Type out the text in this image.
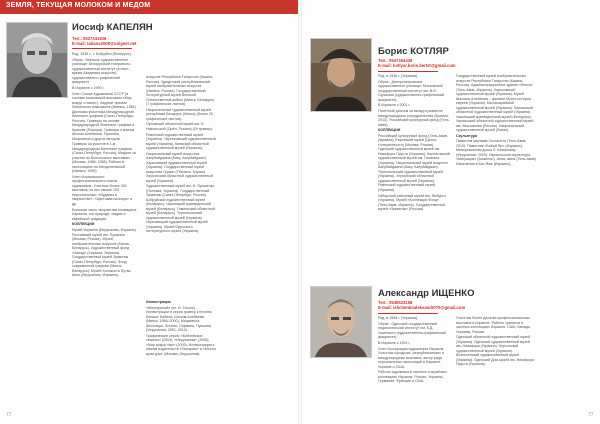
ЗЕМЛЯ, ТЕКУЩАЯ МОЛОКОМ И МЕДОМ
Иосиф КАПЕЛЯН
Тел.: 0527341926
E-mail: tatiana2008@unigest.net

Род. 1936 г., г. Бобруйск (Беларусь).

Образ.: Минское художественное училище; Белорусский театрально-художественный институт (в насл. время Академия искусств), художественно-графический факультет.

В Израиле с 1990 г.

Член Союза художников СССР (в составе московской выставки «Мир вокруг и сами»). Лауреат премии Ленинского комсомола (Ижевск, 1981). Дипломы участника Международной биеннале графики (Санкт-Петербург, Россия). Гравюры на основе Международной биеннале графики в Кракове (Польша). Гравюры к книгам Шолом-Алейхема, Пушкина, Мицкевича и других авторов.

Гравюры за участие в 1-м Международном Биеннале графики (Санкт-Петербург, Россия), Медали за участие во Всесоюзных выставках (Москва, 1986; 1988). Работы в экспозициях на Менделеевской (Ижевск, 1990).

Член Израильского профессионального союза художников. Участник более 300 выставок, из них свыше 100 персональных: «Иудаика в творчестве», «Цветовая палитра» и др.

Большая часть творчества посвящена Израилю, его природе, людям и еврейской традиции.

КОЛЛЕКЦИИ

Музей Израиля (Иерусалим, Израиль). Российский музей им. Пушкина (Москва, Россия). Музей изобразительных искусств (Минск, Беларусь). Художественный фонд «Запад» (Харьков, Украина). Государственный музей Эрмитаж (Санкт-Петербург, Россия). Фонд современной графики (Минск, Беларусь). Музей Холокоста Яд ва-Шем (Иерусалим, Израиль).

искусств Республики Татарстан (Казань, Россия). Удмуртский республиканский музей изобразительных искусств (Ижевск, Россия). Государственный Литературный музей Великой Отечественной войны (Минск, Беларусь) (7 графических листов).

Национальный художественный музей республики Беларусь (Минск) (более 20 графических листов).

Орловский областной музей им. Н. Никольской (Орёл, Россия) (29 гравюр).

Ровенский художественный музей (Украина). Черниговский художественный музей (Украина). Киевский областной художественный музей (Украина).

Национальный музей искусства Азербайджана (Баку, Азербайджан). Харьковский художественный музей (Украина). Государственный музей искусства Грузии (Тбилиси, Грузия). Херсонский областной художественный музей (Украина).

Художественный музей им. Н. Ярошенко (Полтава, Украина). Государственный Эрмитаж (Санкт-Петербург, Россия). Бобруйский художественный музей (Беларусь). Чашницкий краеведческий музей (Беларусь). Гомельский областной музей (Беларусь). Тернопольский художественный музей (Украина). Черновицкий художественный музей (Украина). Музей Одесского литературного музея (Украина).

Иллюстрации

«Жемчужный» (кн. И. Гоголь). Иллюстрации и серии гравюр к песням Бялика, Бабеля, Шолом-Алейхема (Минск, 1988–2000), Мицкевича, Шекспира, Эсхила, Гофмана, Пушкина (Иерусалим, 2001–2010).

Графические серии: «Библейские сюжеты» (2003), «Иерусалим» (2005), «Мир вокруг нас» (2009). Иллюстрации к книгам издательств «Гешарим» и «Мосты культуры» (Москва, Иерусалим).

77
Борис КОТЛЯР
Тел.: 0547464449
E-mail: kotlyar.boris.bertst@gmail.com

Род. в 1936 г. (Украина).

Образ.: Днепропетровское художественное училище; Московский государственный институт им. В.И. Сурикова (художественно-графический факультет).

В Израиле с 2001 г.

Почётный диплом за вклад в развитие международного сотрудничества (Кремль, 2013). Российский культурный фонд (Тель-Авив).

КОЛЛЕКЦИИ

Российский культурный фонд (Тель-Авив, Израиль). Еврейский музей (Центр толерантности) (Москва, Россия). Одесский художественный музей им. Никифора Пруста (Украина). Черниговский художественный музей им. Галагана (Украина). Национальный музей искусств Азербайджана (Баку, Азербайджан). Тернопольский художественный музей (Украина). Херсонский областной художественный музей (Украина). Ровенский художественный музей (Украина).

Изборский районный музей им. Ямбурга (Украина). Музей «Коллекции Фонд» (Тель-Авив, Израиль). Государственный музей «Эрмитаж» (Россия).

Государственный музей изобразительных искусств Республики Татарстан (Казань, Россия). Администрационное здание «Кнеса» (Тель-Авив, Израиль). Харьковский художественный музей (Украина). Музей Шалома-Алейхема – филиал Музея истории евреев (Украина). Бахчисарайский художественный музей (Украина). Черкасский областной художественный музей (Украина). Чашницкий краеведческий музей (Беларусь). Черкасский областной художественный музей им. Мысожкова (Россия). Национальный художественный музей (Ливан).

Скульптура

Памятник жертвам Холокоста (Тель-Авив, 2010). Памятник «Бабий Яр» (Израиль). Мемориальная доска Л. Бекерману (Иерусалим, 2009). Израильская скульптура «Миграция» (Ашкелон). Анна, жена (Тель-Авив) Изменения в Бат-Яме (Израиль).

Александр ИЩЕНКО
Тел.: 0545523158
E-mail: ishchenkoaleksandr070@gmail.com

Род. в 1958 г. (Украина).

Образ.: Одесский государственный педагогический институт им. К.Д. Ушинского (художественно-графический факультет).

В Израиле с 1991 г.

Член Ассоциации художников Израиля. Участник городских, республиканских и международных выставок, автор ряда персональных экспозиций в Израиле, Украине и США.

Работы художника в частных и музейных коллекциях Израиля, России, Украины, Германии, Франции и США.

Участник более десятка профессиональных выставок в Израиле. Работы хранятся в частных коллекциях Израиля, США, Канады, Украины, России.

Одесский областной художественный музей (Украина). Одесский художественный музей им. Никифора (Украина). Херсонский художественный музей (Украина). Вознесенский художественный музей (Украина). Одесский Дом-музей им. Никифора Пруста (Украина).

77
